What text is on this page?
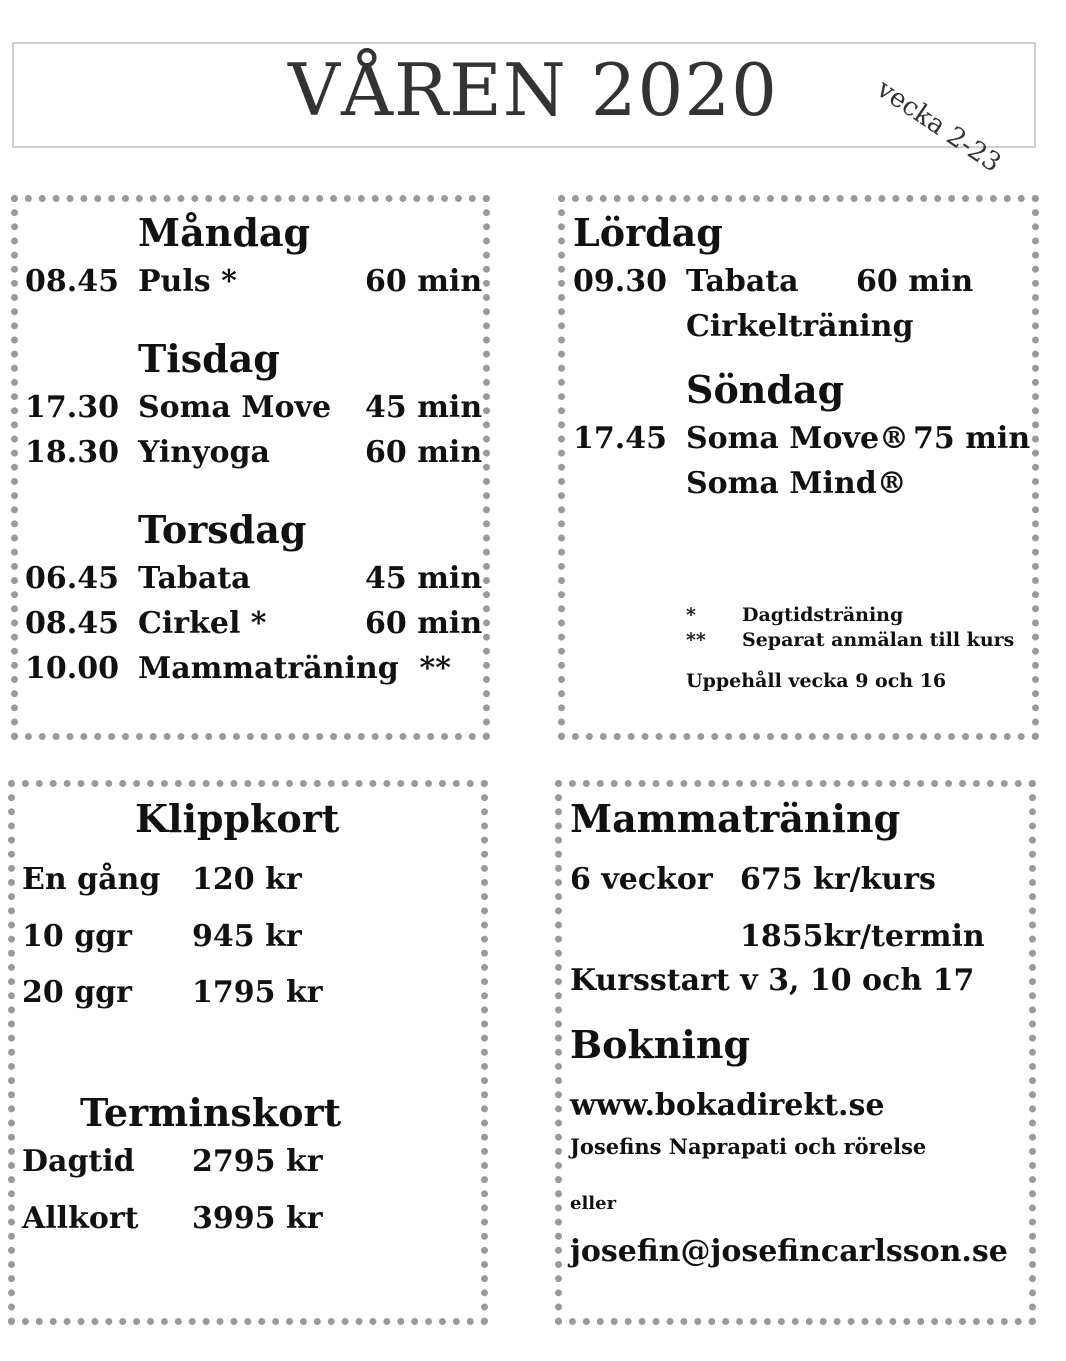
VÅREN 2020	vecka 2-23
Måndag
08.45 Puls *	60 min
Tisdag
17.30 Soma Move 45 min
18.30 Yinyoga	60 min
Torsdag
06.45 Tabata	45 min
08.45 Cirkel *	60 min
10.00 Mammaträning  **
Lördag
09.30 Tabata 60 min
Cirkelträning
Söndag
17.45 Soma Move® 75 min
Soma Mind®
* Dagtidsträning
** Separat anmälan till kurs
Uppehåll vecka 9 och 16
Klippkort
En gång 120 kr
10 ggr 945 kr
20 ggr 1795 kr
Terminskort
Dagtid 2795 kr
Allkort 3995 kr
Mammaträning
6 veckor 675 kr/kurs
1855kr/termin
Kursstart v 3, 10 och 17
Bokning
www.bokadirekt.se
Josefins Naprapati och rörelse
eller
josefin@josefincarlsson.se
